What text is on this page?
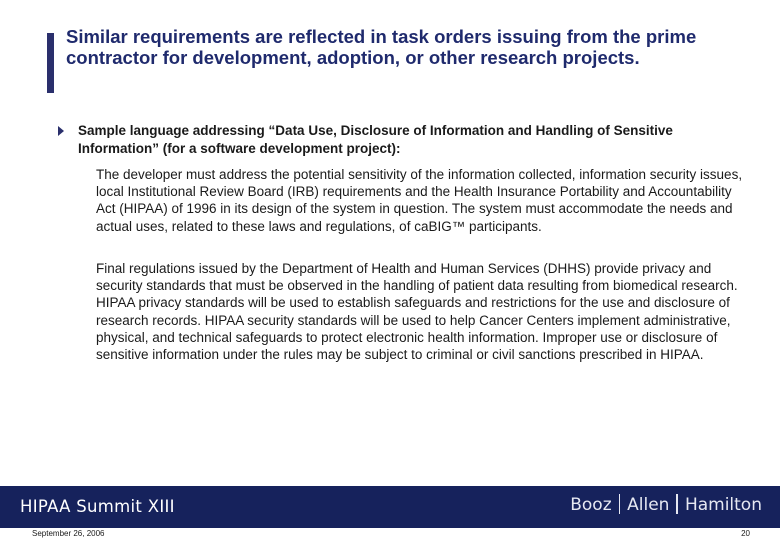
Similar requirements are reflected in task orders issuing from the prime contractor for development, adoption, or other research projects.

Sample language addressing “Data Use, Disclosure of Information and Handling of Sensitive Information” (for a software development project):

The developer must address the potential sensitivity of the information collected, information security issues, local Institutional Review Board (IRB) requirements and the Health Insurance Portability and Accountability Act (HIPAA) of 1996 in its design of the system in question. The system must accommodate the needs and actual uses, related to these laws and regulations, of caBIG™ participants.

Final regulations issued by the Department of Health and Human Services (DHHS) provide privacy and security standards that must be observed in the handling of patient data resulting from biomedical research. HIPAA privacy standards will be used to establish safeguards and restrictions for the use and disclosure of research records. HIPAA security standards will be used to help Cancer Centers implement administrative, physical, and technical safeguards to protect electronic health information. Improper use or disclosure of sensitive information under the rules may be subject to criminal or civil sanctions prescribed in HIPAA.

HIPAA Summit XIII	Booz Allen Hamilton

September 26, 2006	20
